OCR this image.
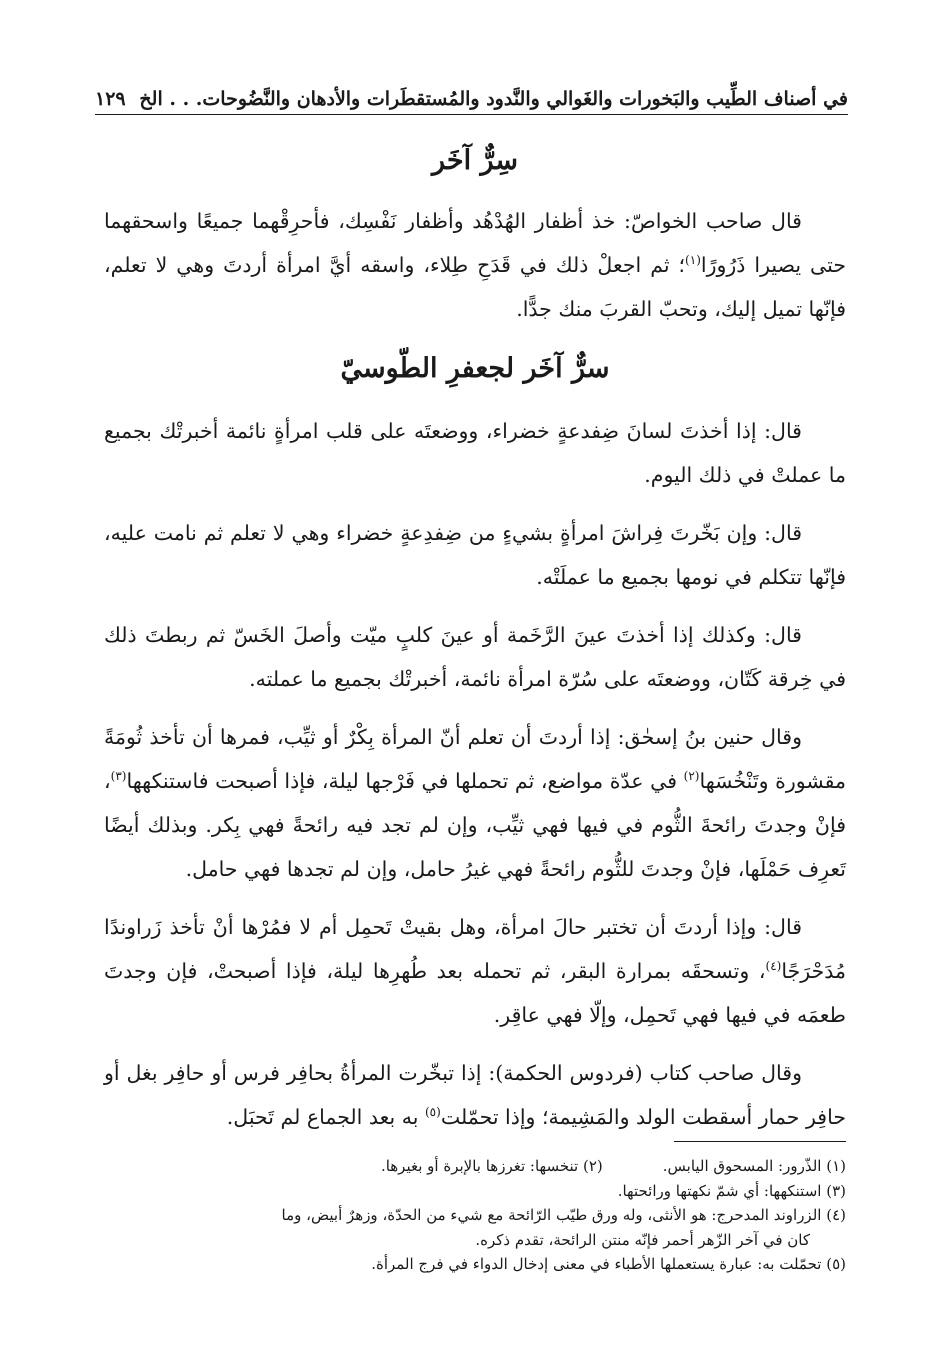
في أصناف الطِّيب والبَخورات والغَوالي والنَّدود والمُستقطَرات والأدهان والنَّضُوحات. . . الخ
١٢٩
سِرٌّ آخَر

قال صاحب الخواصّ: خذ أظفار الهُدْهُد وأظفار نَفْسِك، فأحرِقْهما جميعًا واسحقهما حتى يصيرا ذَرُورًا$^{(١)}$؛ ثم اجعلْ ذلك في قَدَحِ طِلاء، واسقه أيَّ امرأة أردتَ وهي لا تعلم، فإنّها تميل إليك، وتحبّ القربَ منك جدًّا.

سرٌّ آخَر لجعفرِ الطّوسيّ

قال: إذا أخذتَ لسانَ ضِفدعةٍ خضراء، ووضعتَه على قلب امرأةٍ نائمة أخبرتْك بجميع ما عملتْ في ذلك اليوم.

قال: وإن بَخّرتَ فِراشَ امرأةٍ بشيءٍ من ضِفدِعةٍ خضراء وهي لا تعلم ثم نامت عليه، فإنّها تتكلم في نومها بجميع ما عملَتْه.

قال: وكذلك إذا أخذتَ عينَ الرَّخَمة أو عينَ كلبٍ ميّت وأصلَ الخَسّ ثم ربطتَ ذلك في خِرقة كَتّان، ووضعتَه على سُرّة امرأة نائمة، أخبرتْك بجميع ما عملته.

وقال حنين بنُ إسحٰق: إذا أردتَ أن تعلم أنّ المرأة بِكْرٌ أو ثيِّب، فمرها أن تأخذ ثُومَةً مقشورة وتَنْخُسَها$^{(٢)}$ في عدّة مواضع، ثم تحملها في فَرْجها ليلة، فإذا أصبحت فاستنكهها$^{(٣)}$، فإنْ وجدتَ رائحةَ الثُّوم في فيها فهي ثيِّب، وإن لم تجد فيه رائحةً فهي بِكر. وبذلك أيضًا تَعرِف حَمْلَها، فإنْ وجدتَ للثُّوم رائحةً فهي غيرُ حامل، وإن لم تجدها فهي حامل.

قال: وإذا أردتَ أن تختبر حالَ امرأة، وهل بقيتْ تَحمِل أم لا فمُرْها أنْ تأخذ زَراوندًا مُدَحْرَجًا$^{(٤)}$، وتسحقَه بمرارة البقر، ثم تحمله بعد طُهرِها ليلة، فإذا أصبحتْ، فإن وجدتَ طعمَه في فيها فهي تَحمِل، وإلّا فهي عاقِر.

وقال صاحب كتاب (فردوس الحكمة): إذا تبخّرت المرأةُ بحافِر فرس أو حافِر بغل أو حافِر حمار أسقطت الولد والمَشِيمة؛ وإذا تحمّلت$^{(٥)}$ به بعد الجماع لم تَحبَل.

(١) الذّرور: المسحوق اليابس.
(٢) تنخسها: تغرزها بالإبرة أو بغيرها.
(٣) استنكهها: أي شمّ نكهتها ورائحتها.
(٤) الزراوند المدحرج: هو الأنثى، وله ورق طيّب الرّائحة مع شيء من الحدّة، وزهرٌ أبيض، وما
كان في آخر الزّهر أحمر فإنّه منتن الرائحة، تقدم ذكره.
(٥) تحمّلت به: عبارة يستعملها الأطباء في معنى إدخال الدواء في فرج المرأة.
